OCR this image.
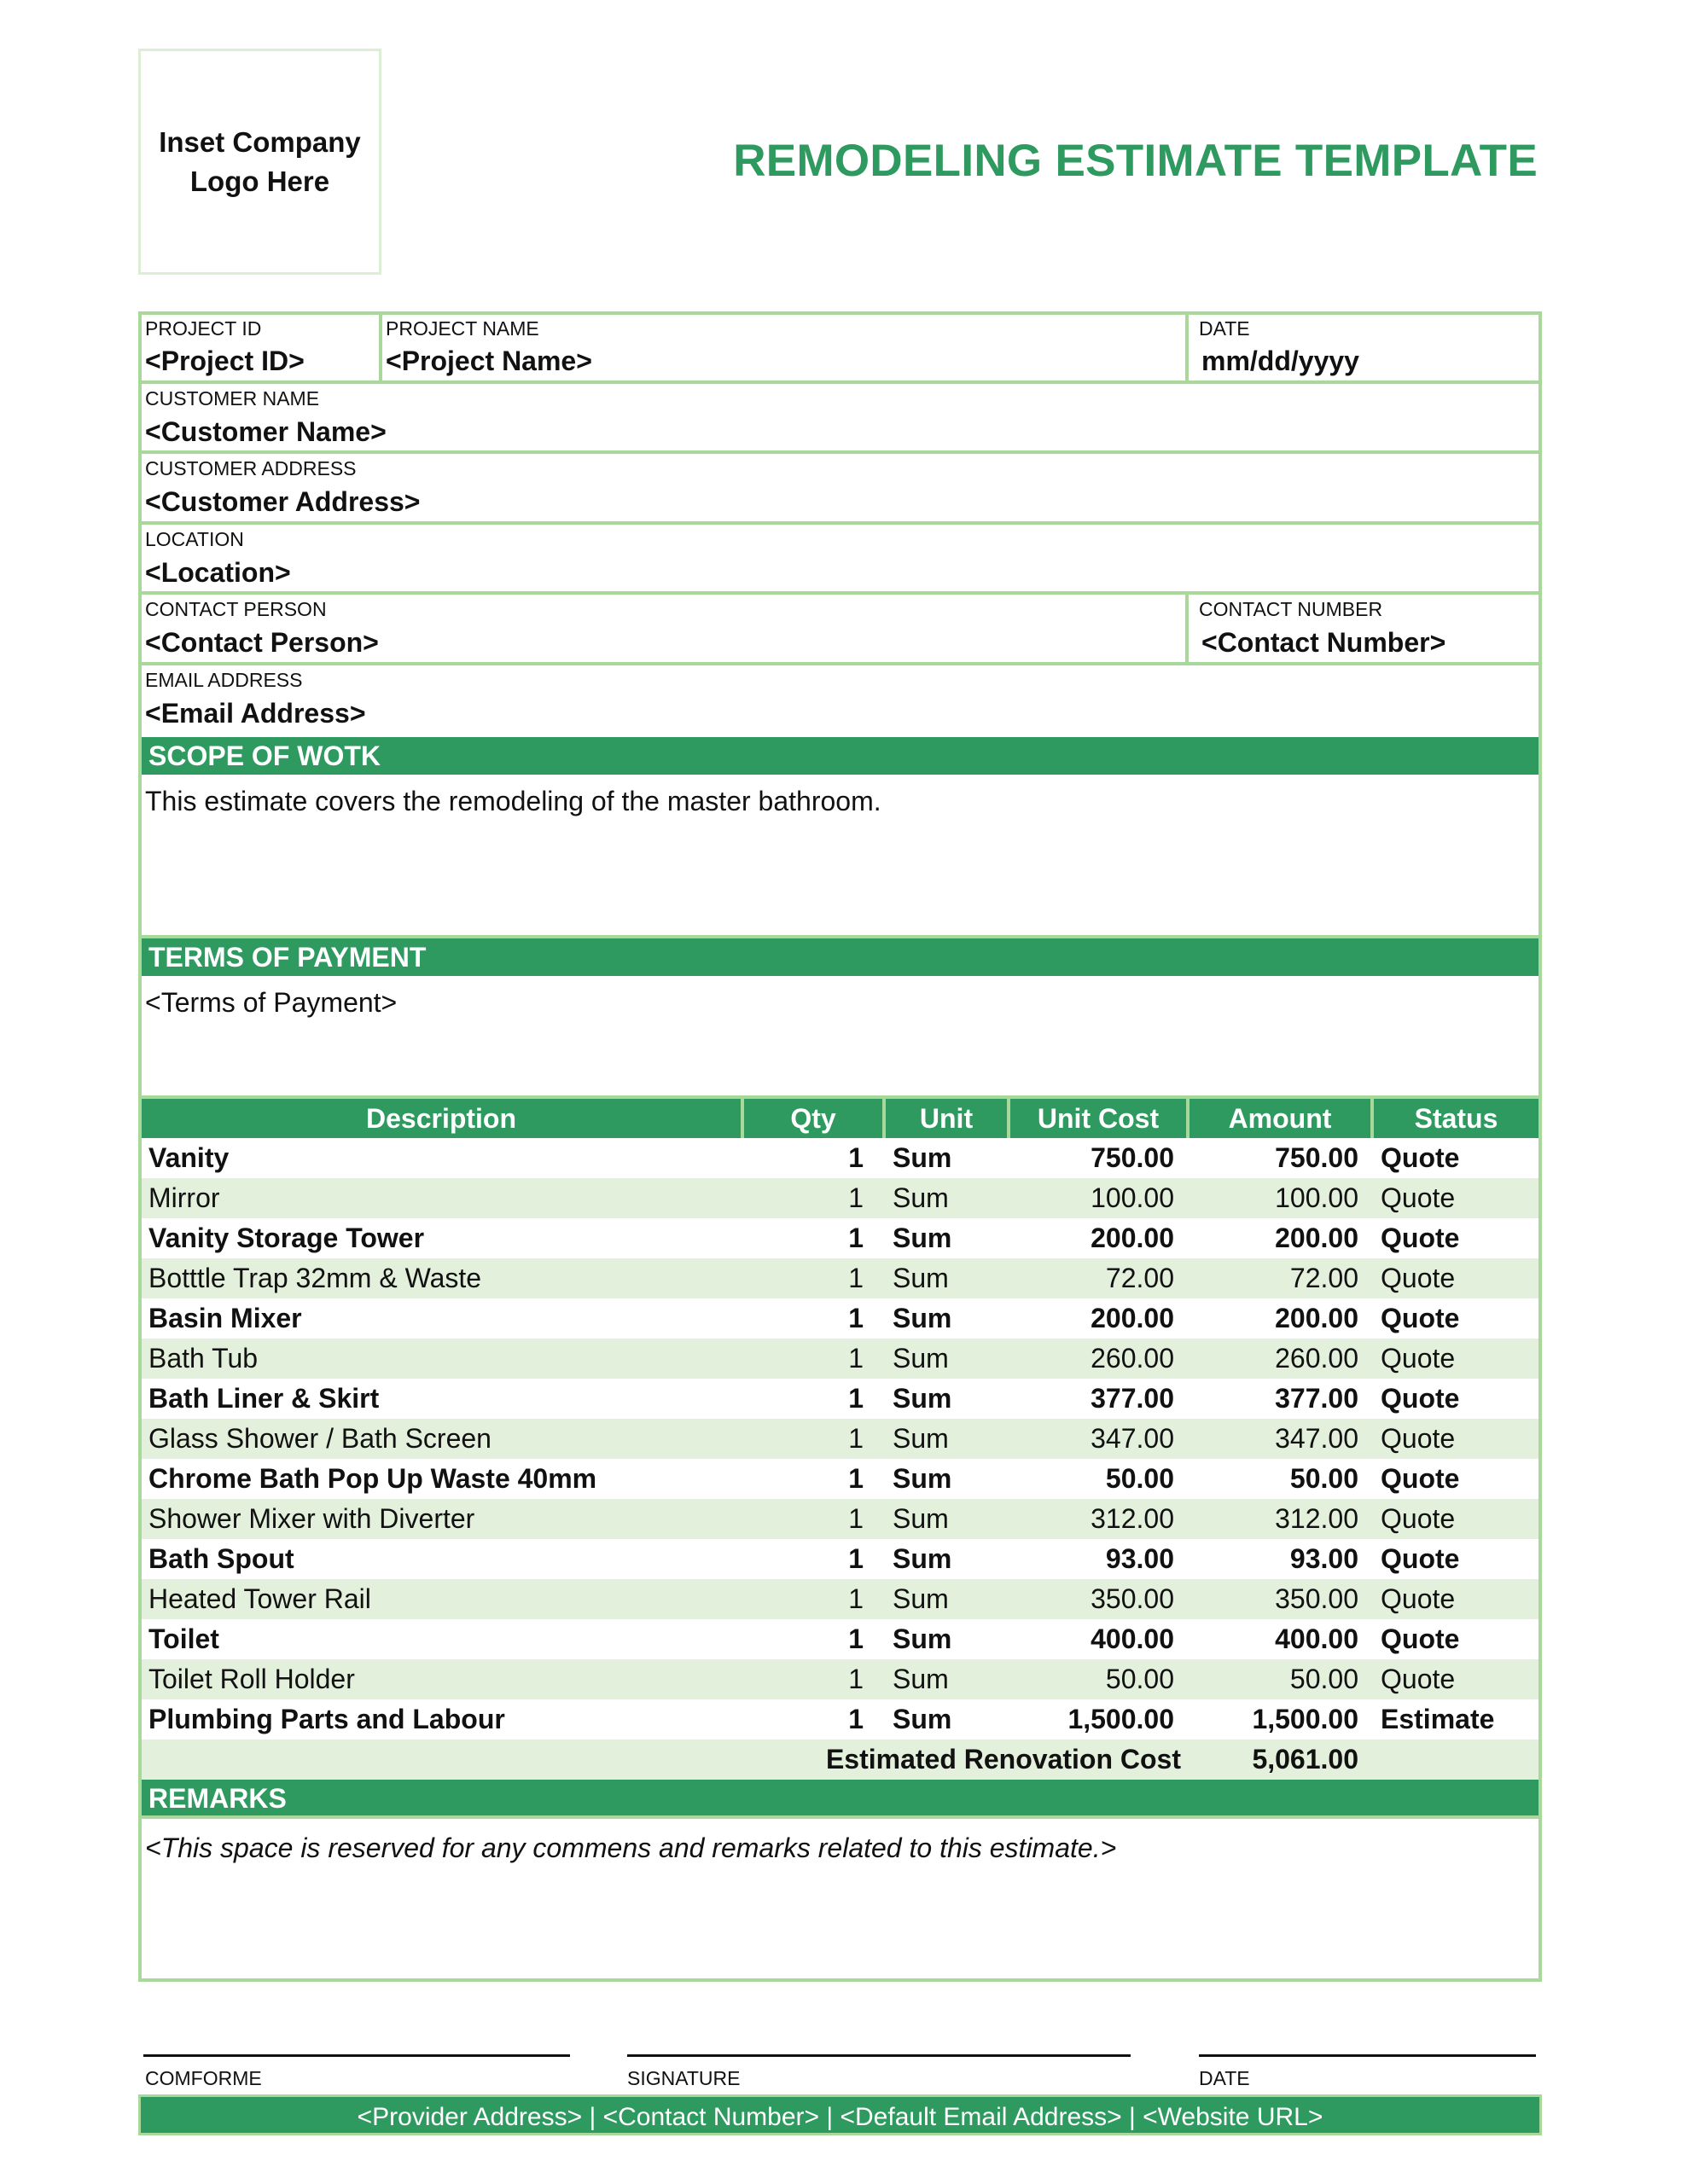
Inset Company
Logo Here	REMODELING ESTIMATE TEMPLATE
PROJECT ID
<Project ID>
PROJECT NAME
<Project Name>
DATE
mm/dd/yyyy
CUSTOMER NAME
<Customer Name>
CUSTOMER ADDRESS
<Customer Address>
LOCATION
<Location>
CONTACT PERSON
<Contact Person>
CONTACT NUMBER
<Contact Number>
EMAIL ADDRESS
<Email Address>
SCOPE OF WOTK
This estimate covers the remodeling of the master bathroom.
TERMS OF PAYMENT
<Terms of Payment>
Description	Qty	Unit	Unit Cost	Amount	Status
Vanity	1 Sum	750.00	750.00 Quote
Mirror	1 Sum	100.00	100.00 Quote
Vanity Storage Tower	1 Sum	200.00	200.00 Quote
Botttle Trap 32mm & Waste	1 Sum	72.00	72.00 Quote
Basin Mixer	1 Sum	200.00	200.00 Quote
Bath Tub	1 Sum	260.00	260.00 Quote
Bath Liner & Skirt	1 Sum	377.00	377.00 Quote
Glass Shower / Bath Screen	1 Sum	347.00	347.00 Quote
Chrome Bath Pop Up Waste 40mm	1 Sum	50.00	50.00 Quote
Shower Mixer with Diverter	1 Sum	312.00	312.00 Quote
Bath Spout	1 Sum	93.00	93.00 Quote
Heated Tower Rail	1 Sum	350.00	350.00 Quote
Toilet	1 Sum	400.00	400.00 Quote
Toilet Roll Holder	1 Sum	50.00	50.00 Quote
Plumbing Parts and Labour	1 Sum	1,500.00	1,500.00 Estimate
Estimated Renovation Cost	5,061.00
REMARKS
<This space is reserved for any commens and remarks related to this estimate.>
COMFORME	SIGNATURE	DATE
<Provider Address> | <Contact Number> | <Default Email Address> | <Website URL>
